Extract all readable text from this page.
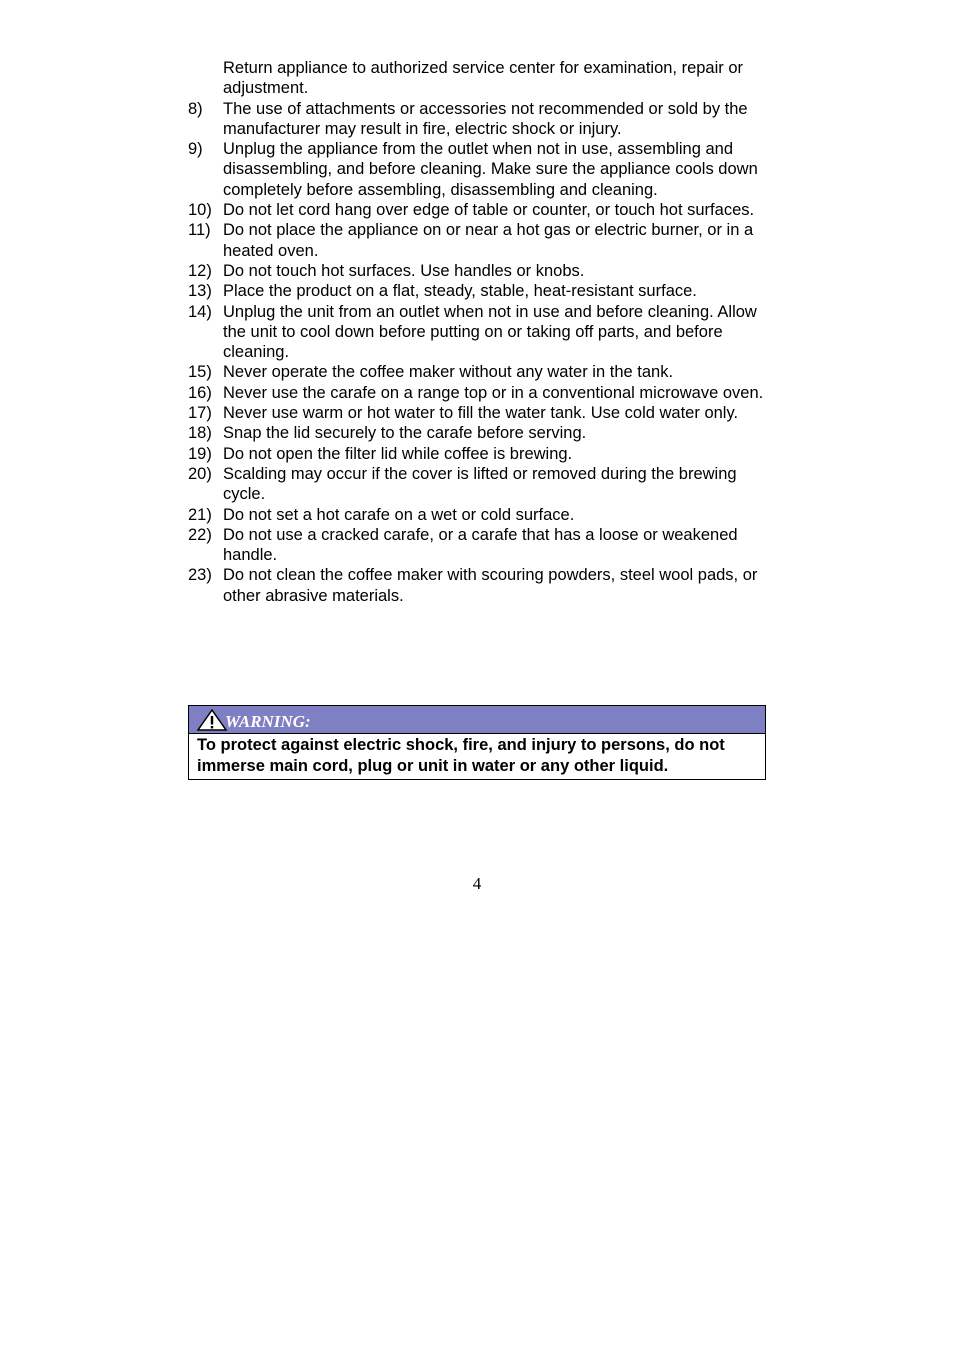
Return appliance to authorized service center for examination, repair or adjustment.
8)	The use of attachments or accessories not recommended or sold by the manufacturer may result in fire, electric shock or injury.
9)	Unplug the appliance from the outlet when not in use, assembling and disassembling, and before cleaning. Make sure the appliance cools down completely before assembling, disassembling and cleaning.
10) Do not let cord hang over edge of table or counter, or touch hot surfaces.
11) Do not place the appliance on or near a hot gas or electric burner, or in a heated oven.
12) Do not touch hot surfaces. Use handles or knobs.
13) Place the product on a flat, steady, stable, heat-resistant surface.
14) Unplug the unit from an outlet when not in use and before cleaning. Allow the unit to cool down before putting on or taking off parts, and before cleaning.
15) Never operate the coffee maker without any water in the tank.
16) Never use the carafe on a range top or in a conventional microwave oven.
17) Never use warm or hot water to fill the water tank. Use cold water only.
18) Snap the lid securely to the carafe before serving.
19) Do not open the filter lid while coffee is brewing.
20) Scalding may occur if the cover is lifted or removed during the brewing cycle.
21) Do not set a hot carafe on a wet or cold surface.
22) Do not use a cracked carafe, or a carafe that has a loose or weakened handle.
23) Do not clean the coffee maker with scouring powders, steel wool pads, or other abrasive materials.
WARNING:
To protect against electric shock, fire, and injury to persons, do not immerse main cord, plug or unit in water or any other liquid.
4
